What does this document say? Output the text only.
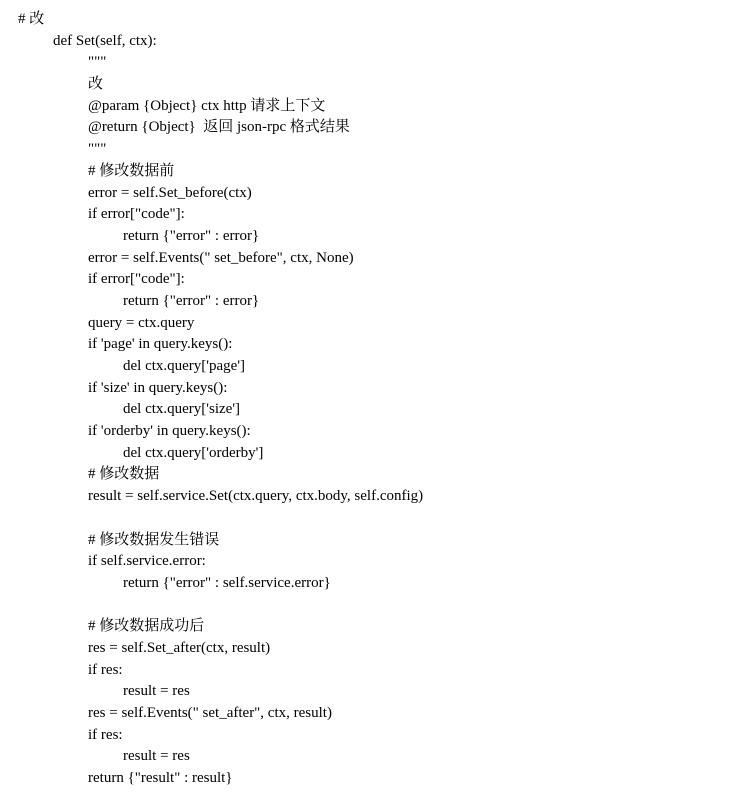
# 改
def Set(self, ctx):
"""
改
@param {Object} ctx http 请求上下文
@return {Object}  返回 json-rpc 格式结果
"""
# 修改数据前
error = self.Set_before(ctx)
if error["code"]:
return {"error" : error}
error = self.Events(" set_before", ctx, None)
if error["code"]:
return {"error" : error}
query = ctx.query
if 'page' in query.keys():
del ctx.query['page']
if 'size' in query.keys():
del ctx.query['size']
if 'orderby' in query.keys():
del ctx.query['orderby']
# 修改数据
result = self.service.Set(ctx.query, ctx.body, self.config)
# 修改数据发生错误
if self.service.error:
return {"error" : self.service.error}
# 修改数据成功后
res = self.Set_after(ctx, result)
if res:
result = res
res = self.Events(" set_after", ctx, result)
if res:
result = res
return {"result" : result}
